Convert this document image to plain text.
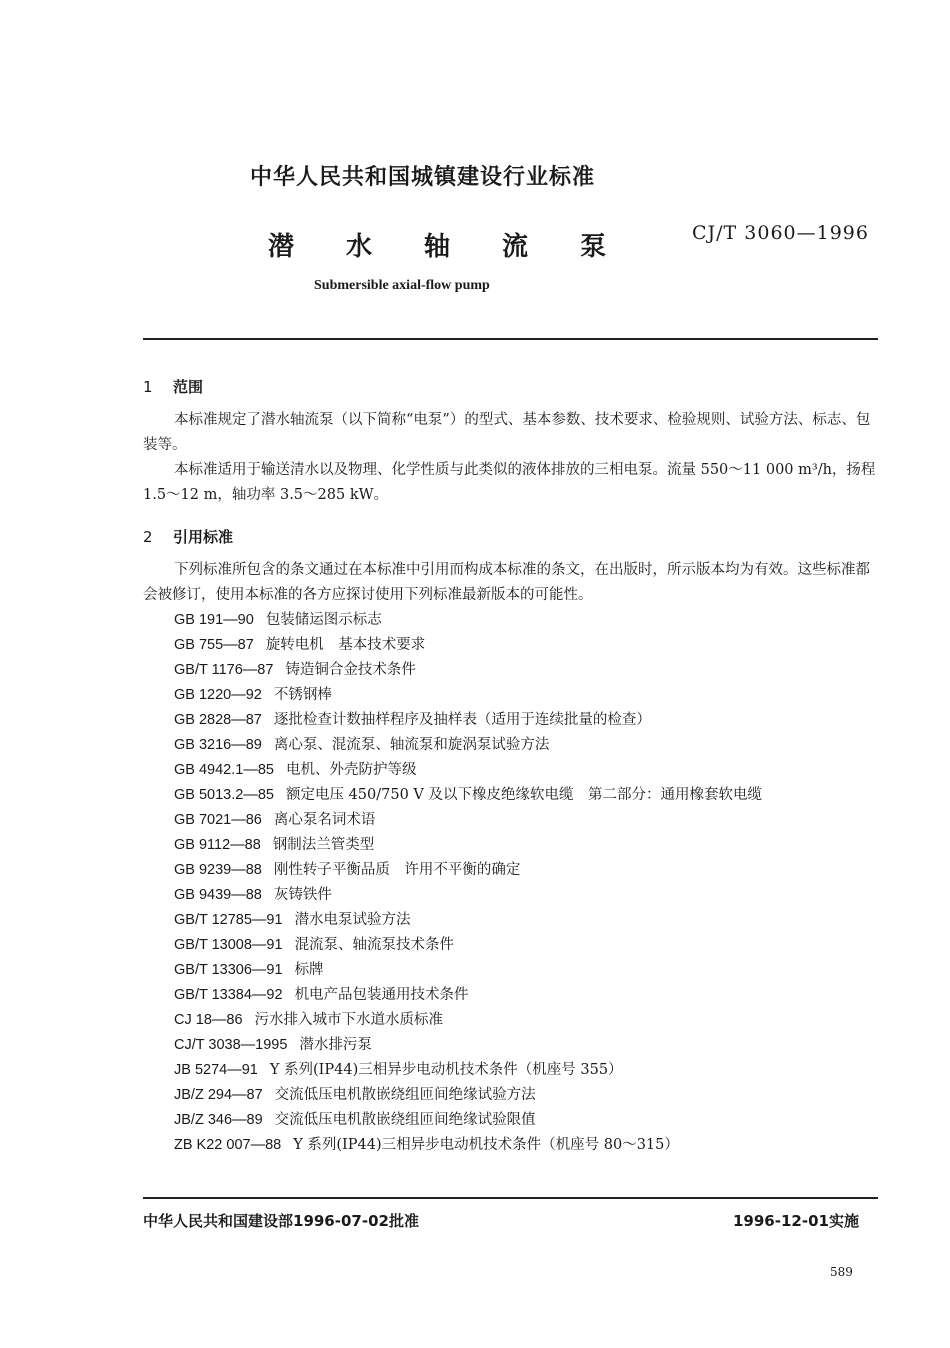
中华人民共和国城镇建设行业标准
潜 水 轴 流 泵	CJ/T 3060—1996
Submersible axial-flow pump
1 范围
本标准规定了潜水轴流泵（以下简称“电泵”）的型式、基本参数、技术要求、检验规则、试验方法、标志、包装等。
本标准适用于输送清水以及物理、化学性质与此类似的液体排放的三相电泵。流量 550～11 000 m³/h，扬程 1.5～12 m，轴功率 3.5～285 kW。
2 引用标准
下列标准所包含的条文通过在本标准中引用而构成本标准的条文，在出版时，所示版本均为有效。这些标准都会被修订，使用本标准的各方应探讨使用下列标准最新版本的可能性。
GB 191—90 包装储运图示标志
GB 755—87 旋转电机　基本技术要求
GB/T 1176—87 铸造铜合金技术条件
GB 1220—92 不锈钢棒
GB 2828—87 逐批检查计数抽样程序及抽样表（适用于连续批量的检查）
GB 3216—89 离心泵、混流泵、轴流泵和旋涡泵试验方法
GB 4942.1—85 电机、外壳防护等级
GB 5013.2—85 额定电压 450/750 V 及以下橡皮绝缘软电缆　第二部分：通用橡套软电缆
GB 7021—86 离心泵名词术语
GB 9112—88 钢制法兰管类型
GB 9239—88 刚性转子平衡品质　许用不平衡的确定
GB 9439—88 灰铸铁件
GB/T 12785—91 潜水电泵试验方法
GB/T 13008—91 混流泵、轴流泵技术条件
GB/T 13306—91 标牌
GB/T 13384—92 机电产品包装通用技术条件
CJ 18—86 污水排入城市下水道水质标准
CJ/T 3038—1995 潜水排污泵
JB 5274—91 Y 系列(IP44)三相异步电动机技术条件（机座号 355）
JB/Z 294—87 交流低压电机散嵌绕组匝间绝缘试验方法
JB/Z 346—89 交流低压电机散嵌绕组匝间绝缘试验限值
ZB K22 007—88 Y 系列(IP44)三相异步电动机技术条件（机座号 80～315）
中华人民共和国建设部1996-07-02批准	1996-12-01实施
589
